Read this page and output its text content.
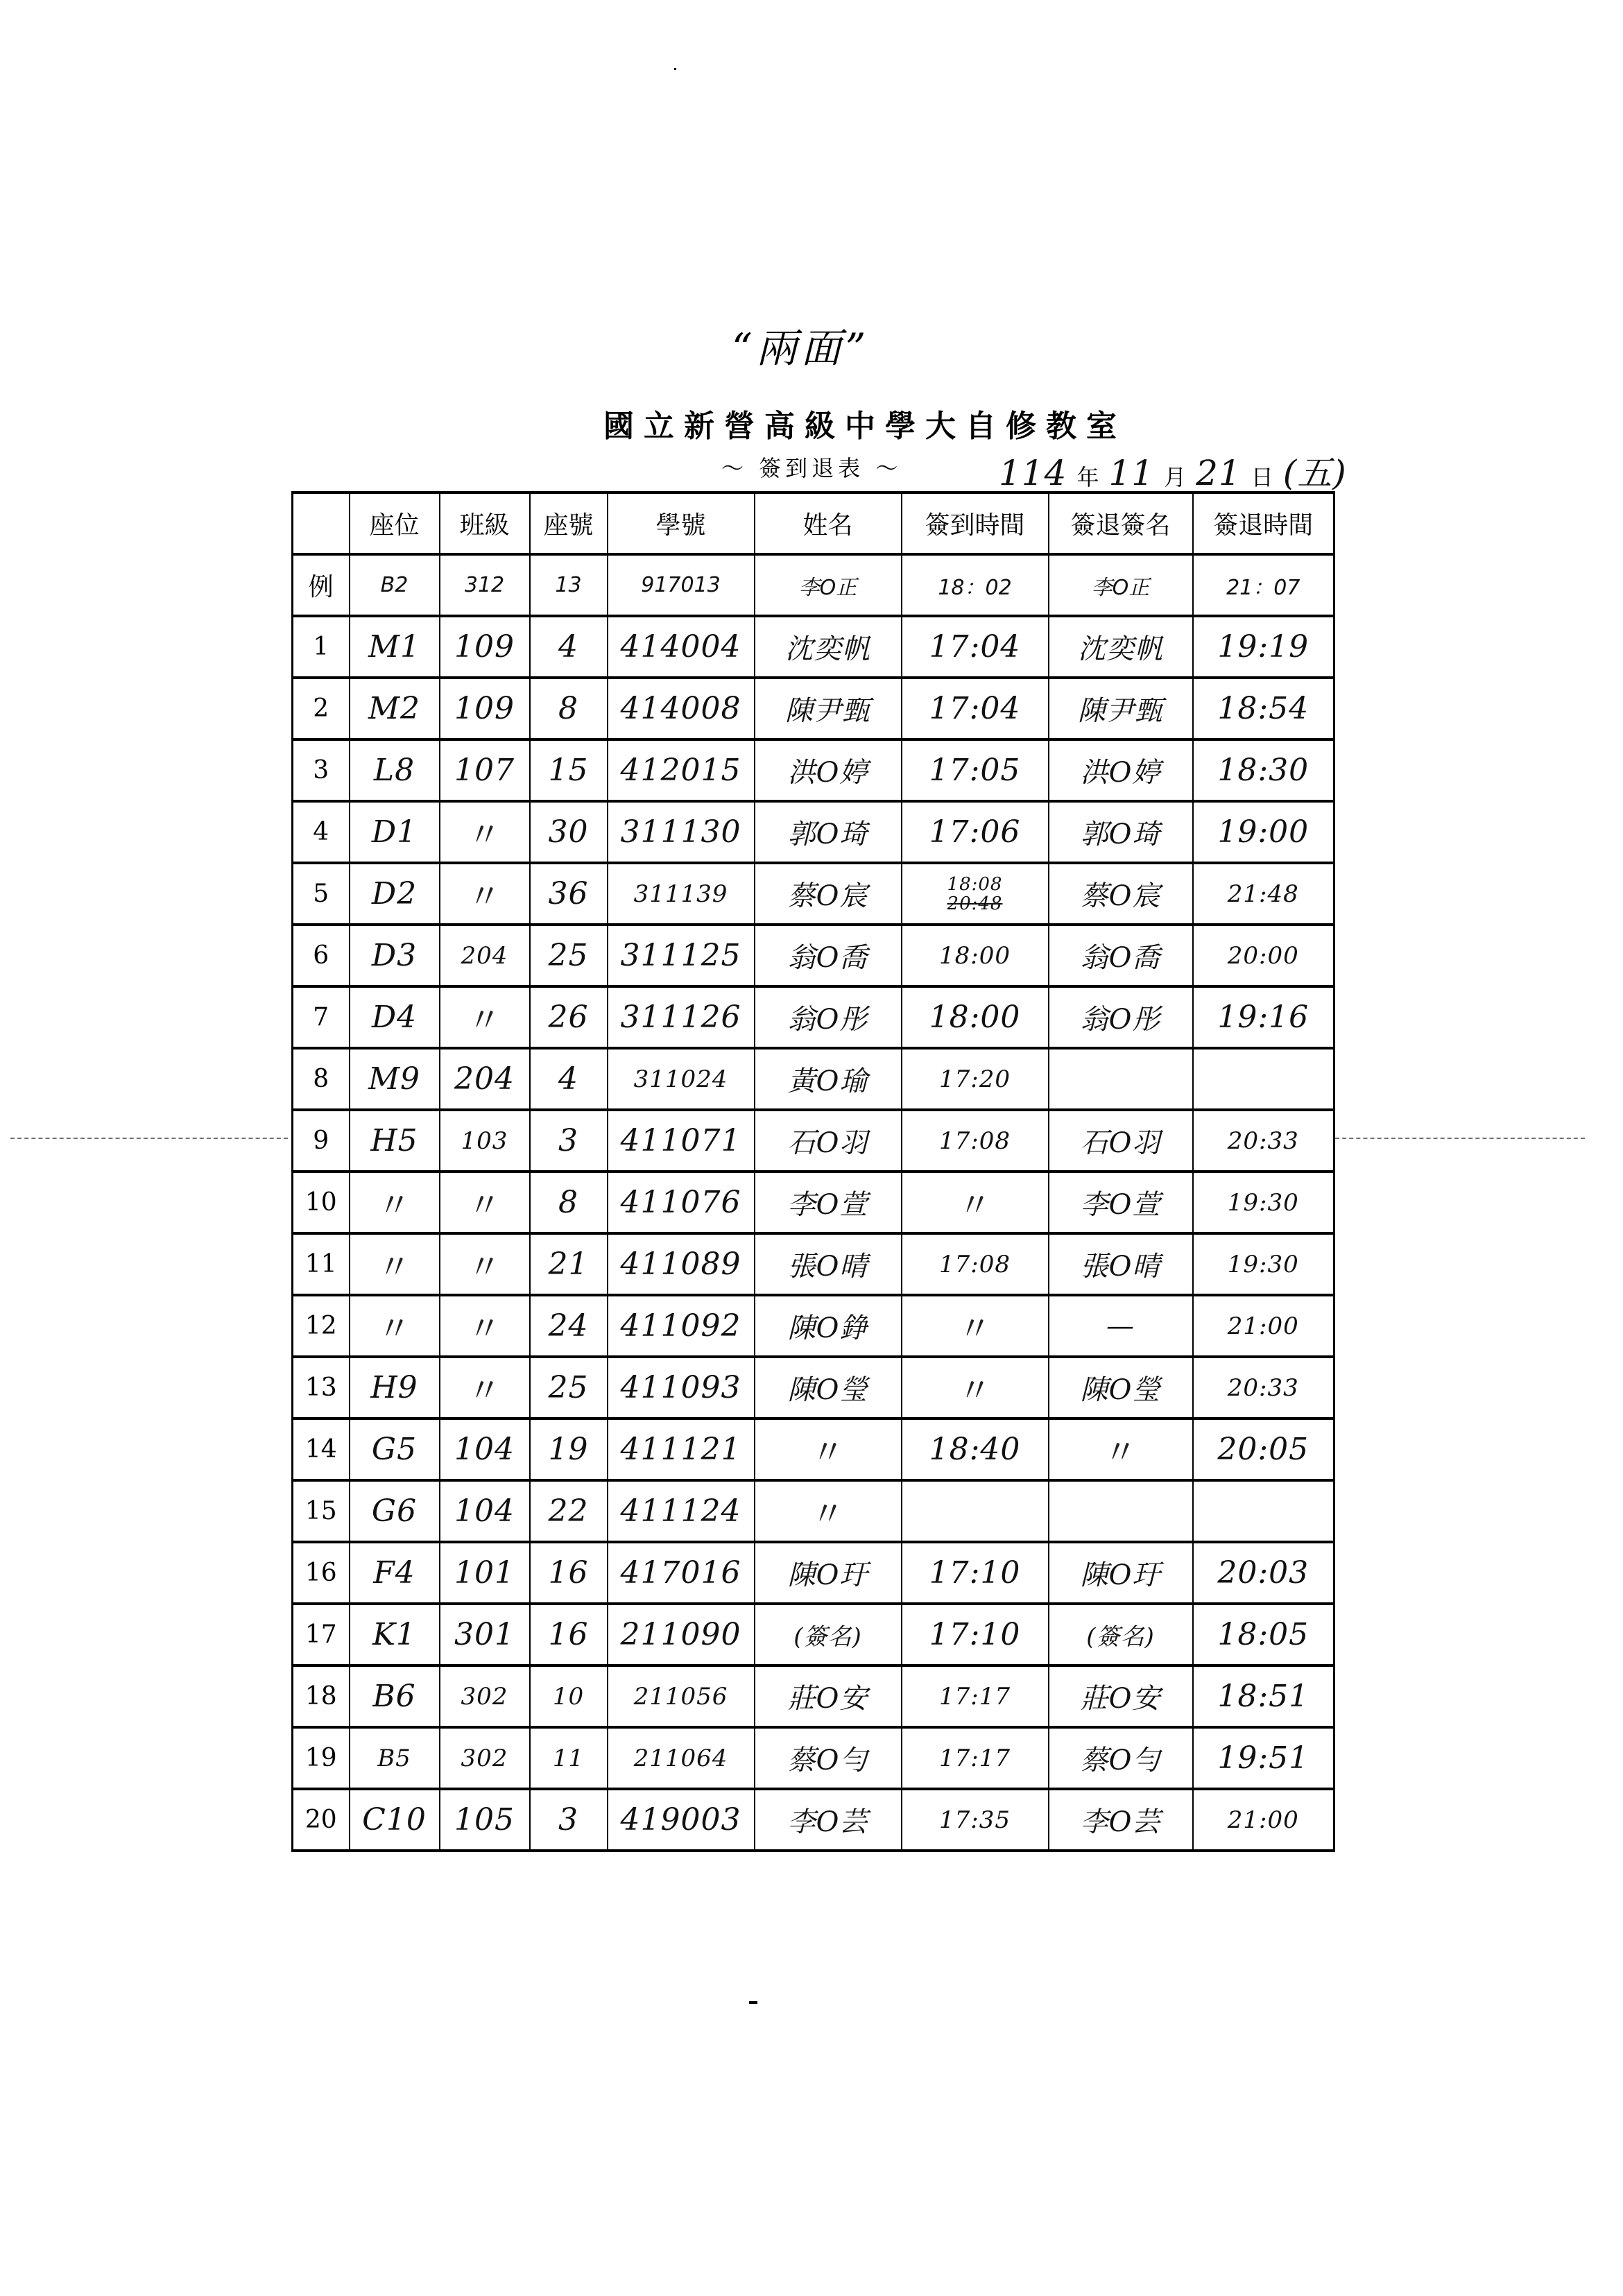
“兩面”
國立新營高級中學大自修教室
～ 簽到退表 ～	114 年 11 月 21 日 (五)
	座位	班級	座號	學號	姓名	簽到時間	簽退簽名	簽退時間
例	B2	312	13	917013	李O正	18：02	李O正	21：07
1	M1	109	4	414004	沈奕帆	17:04	沈奕帆	19:19
2	M2	109	8	414008	陳尹甄	17:04	陳尹甄	18:54
3	L8	107	15	412015	洪O婷	17:05	洪O婷	18:30
4	D1	〃	30	311130	郭O琦	17:06	郭O琦	19:00
5	D2	〃	36	311139	蔡O宸	18:08
20:48	蔡O宸	21:48
6	D3	204	25	311125	翁O喬	18:00	翁O喬	20:00
7	D4	〃	26	311126	翁O彤	18:00	翁O彤	19:16
8	M9	204	4	311024	黃O瑜	17:20		
9	H5	103	3	411071	石O羽	17:08	石O羽	20:33
10	〃	〃	8	411076	李O萱	〃	李O萱	19:30
11	〃	〃	21	411089	張O晴	17:08	張O晴	19:30
12	〃	〃	24	411092	陳O錚	〃	—	21:00
13	H9	〃	25	411093	陳O瑩	〃	陳O瑩	20:33
14	G5	104	19	411121	〃	18:40	〃	20:05
15	G6	104	22	411124	〃			
16	F4	101	16	417016	陳O玗	17:10	陳O玗	20:03
17	K1	301	16	211090	(簽名)	17:10	(簽名)	18:05
18	B6	302	10	211056	莊O安	17:17	莊O安	18:51
19	B5	302	11	211064	蔡O勻	17:17	蔡O勻	19:51
20	C10	105	3	419003	李O芸	17:35	李O芸	21:00
